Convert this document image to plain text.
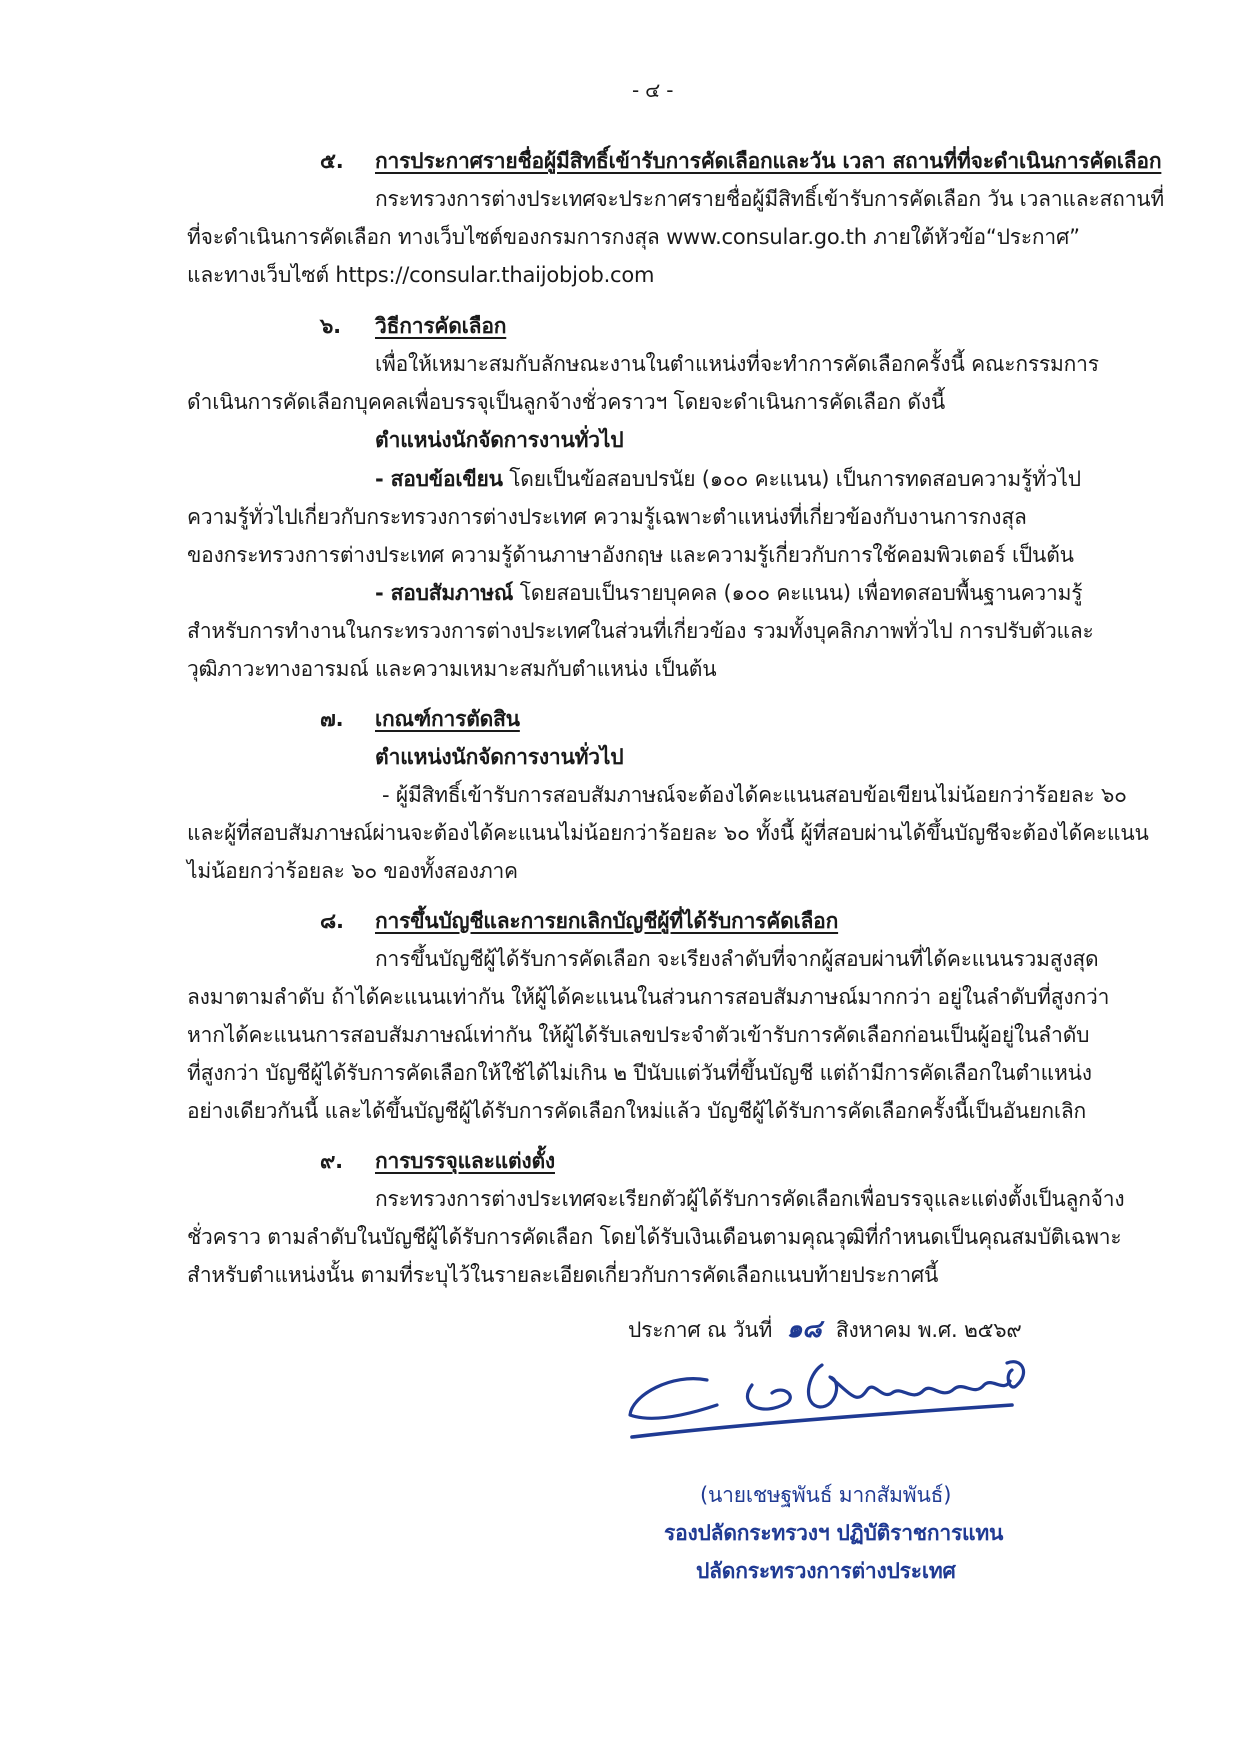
- ๔ -
๕. การประกาศรายชื่อผู้มีสิทธิ์เข้ารับการคัดเลือกและวัน เวลา สถานที่ที่จะดำเนินการคัดเลือก
กระทรวงการต่างประเทศจะประกาศรายชื่อผู้มีสิทธิ์เข้ารับการคัดเลือก วัน เวลาและสถานที่
ที่จะดำเนินการคัดเลือก ทางเว็บไซต์ของกรมการกงสุล www.consular.go.th ภายใต้หัวข้อ“ประกาศ”
และทางเว็บไซต์ https://consular.thaijobjob.com
๖. วิธีการคัดเลือก
เพื่อให้เหมาะสมกับลักษณะงานในตำแหน่งที่จะทำการคัดเลือกครั้งนี้ คณะกรรมการ
ดำเนินการคัดเลือกบุคคลเพื่อบรรจุเป็นลูกจ้างชั่วคราวฯ โดยจะดำเนินการคัดเลือก ดังนี้
ตำแหน่งนักจัดการงานทั่วไป
- สอบข้อเขียน โดยเป็นข้อสอบปรนัย (๑๐๐ คะแนน) เป็นการทดสอบความรู้ทั่วไป
ความรู้ทั่วไปเกี่ยวกับกระทรวงการต่างประเทศ ความรู้เฉพาะตำแหน่งที่เกี่ยวข้องกับงานการกงสุล
ของกระทรวงการต่างประเทศ ความรู้ด้านภาษาอังกฤษ และความรู้เกี่ยวกับการใช้คอมพิวเตอร์ เป็นต้น
- สอบสัมภาษณ์ โดยสอบเป็นรายบุคคล (๑๐๐ คะแนน) เพื่อทดสอบพื้นฐานความรู้
สำหรับการทำงานในกระทรวงการต่างประเทศในส่วนที่เกี่ยวข้อง รวมทั้งบุคลิกภาพทั่วไป การปรับตัวและ
วุฒิภาวะทางอารมณ์ และความเหมาะสมกับตำแหน่ง เป็นต้น
๗. เกณฑ์การตัดสิน
ตำแหน่งนักจัดการงานทั่วไป
- ผู้มีสิทธิ์เข้ารับการสอบสัมภาษณ์จะต้องได้คะแนนสอบข้อเขียนไม่น้อยกว่าร้อยละ ๖๐
และผู้ที่สอบสัมภาษณ์ผ่านจะต้องได้คะแนนไม่น้อยกว่าร้อยละ ๖๐ ทั้งนี้ ผู้ที่สอบผ่านได้ขึ้นบัญชีจะต้องได้คะแนน
ไม่น้อยกว่าร้อยละ ๖๐ ของทั้งสองภาค
๘. การขึ้นบัญชีและการยกเลิกบัญชีผู้ที่ได้รับการคัดเลือก
การขึ้นบัญชีผู้ได้รับการคัดเลือก จะเรียงลำดับที่จากผู้สอบผ่านที่ได้คะแนนรวมสูงสุด
ลงมาตามลำดับ ถ้าได้คะแนนเท่ากัน ให้ผู้ได้คะแนนในส่วนการสอบสัมภาษณ์มากกว่า อยู่ในลำดับที่สูงกว่า
หากได้คะแนนการสอบสัมภาษณ์เท่ากัน ให้ผู้ได้รับเลขประจำตัวเข้ารับการคัดเลือกก่อนเป็นผู้อยู่ในลำดับ
ที่สูงกว่า บัญชีผู้ได้รับการคัดเลือกให้ใช้ได้ไม่เกิน ๒ ปีนับแต่วันที่ขึ้นบัญชี แต่ถ้ามีการคัดเลือกในตำแหน่ง
อย่างเดียวกันนี้ และได้ขึ้นบัญชีผู้ได้รับการคัดเลือกใหม่แล้ว บัญชีผู้ได้รับการคัดเลือกครั้งนี้เป็นอันยกเลิก
๙. การบรรจุและแต่งตั้ง
กระทรวงการต่างประเทศจะเรียกตัวผู้ได้รับการคัดเลือกเพื่อบรรจุและแต่งตั้งเป็นลูกจ้าง
ชั่วคราว ตามลำดับในบัญชีผู้ได้รับการคัดเลือก โดยได้รับเงินเดือนตามคุณวุฒิที่กำหนดเป็นคุณสมบัติเฉพาะ
สำหรับตำแหน่งนั้น ตามที่ระบุไว้ในรายละเอียดเกี่ยวกับการคัดเลือกแนบท้ายประกาศนี้
ประกาศ ณ วันที่ ๑๘ สิงหาคม พ.ศ. ๒๕๖๙
(นายเชษฐพันธ์ มากสัมพันธ์)
รองปลัดกระทรวงฯ ปฏิบัติราชการแทน
ปลัดกระทรวงการต่างประเทศ
